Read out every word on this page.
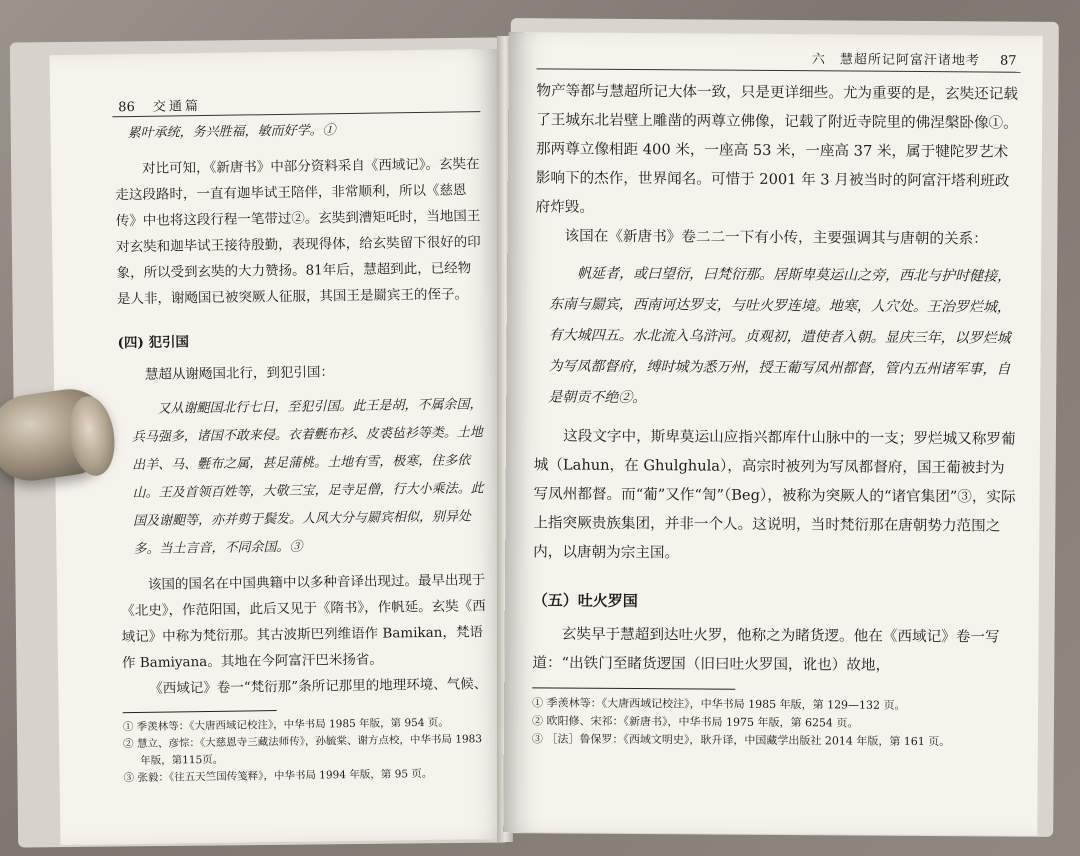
86 交通篇

累叶承统，务兴胜福，敏而好学。①

对比可知，《新唐书》中部分资料采自《西域记》。玄奘在走这段路时，一直有迦毕试王陪伴，非常顺利，所以《慈恩传》中也将这段行程一笔带过②。玄奘到漕矩吒时，当地国王对玄奘和迦毕试王接待殷勤，表现得体，给玄奘留下很好的印象，所以受到玄奘的大力赞扬。81年后，慧超到此，已经物是人非，谢飏国已被突厥人征服，其国王是罽宾王的侄子。

(四) 犯引国

慧超从谢飏国北行，到犯引国：

又从谢䫻国北行七日，至犯引国。此王是胡，不属余国，兵马强多，诸国不敢来侵。衣着氎布衫、皮裘毡衫等类。土地出羊、马、氎布之属，甚足蒲桃。土地有雪，极寒，住多依山。王及首领百姓等，大敬三宝，足寺足僧，行大小乘法。此国及谢䫻等，亦并剪于鬓发。人风大分与罽宾相似，别异处多。当土言音，不同余国。③

该国的国名在中国典籍中以多种音译出现过。最早出现于《北史》，作范阳国，此后又见于《隋书》，作帆延。玄奘《西域记》中称为梵衍那。其古波斯巴列维语作 Bamikan，梵语作 Bamiyana。其地在今阿富汗巴米扬省。

《西域记》卷一“梵衍那”条所记那里的地理环境、气候、

① 季羡林等：《大唐西域记校注》，中华书局 1985 年版，第 954 页。

② 慧立、彦悰：《大慈恩寺三藏法师传》，孙毓棠、谢方点校，中华书局 1983 年版，第115页。

③ 张毅：《往五天竺国传笺释》，中华书局 1994 年版，第 95 页。

六　慧超所记阿富汗诸地考 87

物产等都与慧超所记大体一致，只是更详细些。尤为重要的是，玄奘还记载了王城东北岩壁上雕凿的两尊立佛像，记载了附近寺院里的佛涅槃卧像①。那两尊立像相距 400 米，一座高 53 米，一座高 37 米，属于犍陀罗艺术影响下的杰作，世界闻名。可惜于 2001 年 3 月被当时的阿富汗塔利班政府炸毁。

该国在《新唐书》卷二二一下有小传，主要强调其与唐朝的关系：

帆延者，或曰望衍，曰梵衍那。居斯卑莫运山之旁，西北与护时健接，东南与罽宾，西南诃达罗支，与吐火罗连境。地寒，人穴处。王治罗烂城，有大城四五。水北流入乌浒河。贞观初，遣使者入朝。显庆三年，以罗烂城为写凤都督府，缚时城为悉万州，授王葡写凤州都督，管内五州诸军事，自是朝贡不绝②。

这段文字中，斯卑莫运山应指兴都库什山脉中的一支；罗烂城又称罗葡城（Lahun，在 Ghulghula），高宗时被列为写凤都督府，国王葡被封为写凤州都督。而“葡”又作“訇”（Beg），被称为突厥人的“诸官集团”③，实际上指突厥贵族集团，并非一个人。这说明，当时梵衍那在唐朝势力范围之内，以唐朝为宗主国。

（五）吐火罗国

玄奘早于慧超到达吐火罗，他称之为睹货逻。他在《西域记》卷一写道：“出铁门至睹货逻国（旧曰吐火罗国，讹也）故地，

① 季羡林等：《大唐西域记校注》，中华书局 1985 年版，第 129—132 页。

② 欧阳修、宋祁：《新唐书》，中华书局 1975 年版，第 6254 页。

③ ［法］鲁保罗：《西域文明史》，耿升译，中国藏学出版社 2014 年版，第 161 页。
